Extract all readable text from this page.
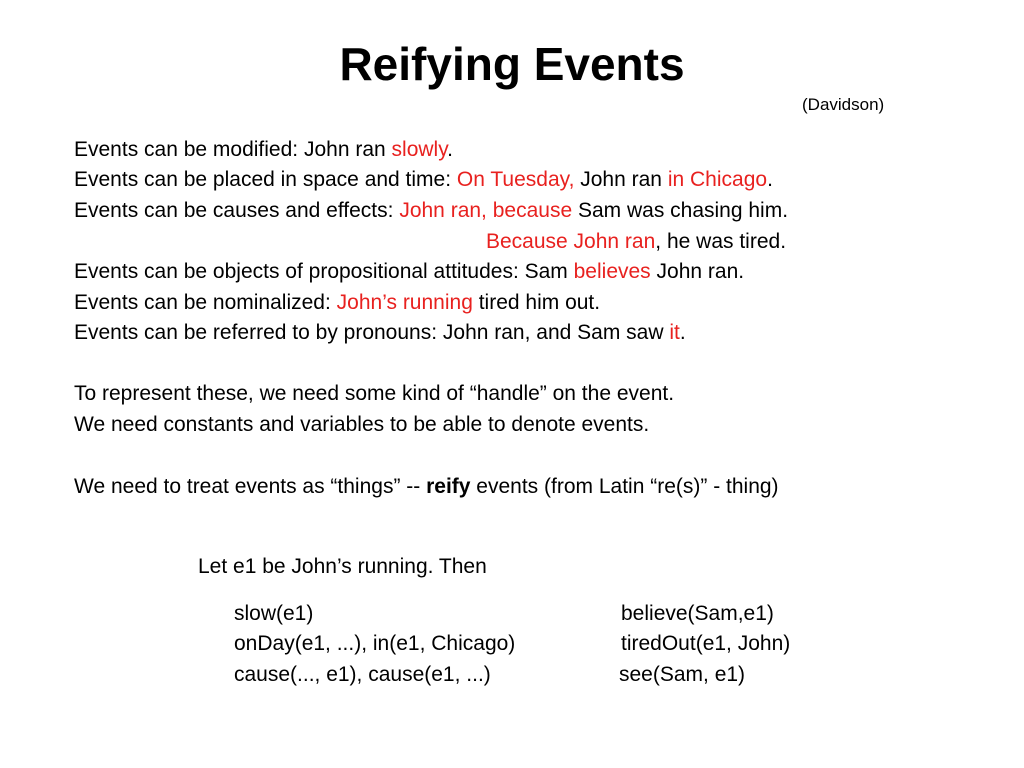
Reifying Events
(Davidson)
Events can be modified: John ran slowly.
Events can be placed in space and time: On Tuesday, John ran in Chicago.
Events can be causes and effects: John ran, because Sam was chasing him.
Because John ran, he was tired.
Events can be objects of propositional attitudes: Sam believes John ran.
Events can be nominalized: John’s running tired him out.
Events can be referred to by pronouns: John ran, and Sam saw it.
To represent these, we need some kind of “handle” on the event.
We need constants and variables to be able to denote events.
We need to treat events as “things” -- reify events (from Latin “re(s)” - thing)
Let e1 be John’s running. Then
slow(e1)
onDay(e1, ...), in(e1, Chicago)
cause(..., e1), cause(e1, ...)
believe(Sam,e1)
tiredOut(e1, John)
see(Sam, e1)
